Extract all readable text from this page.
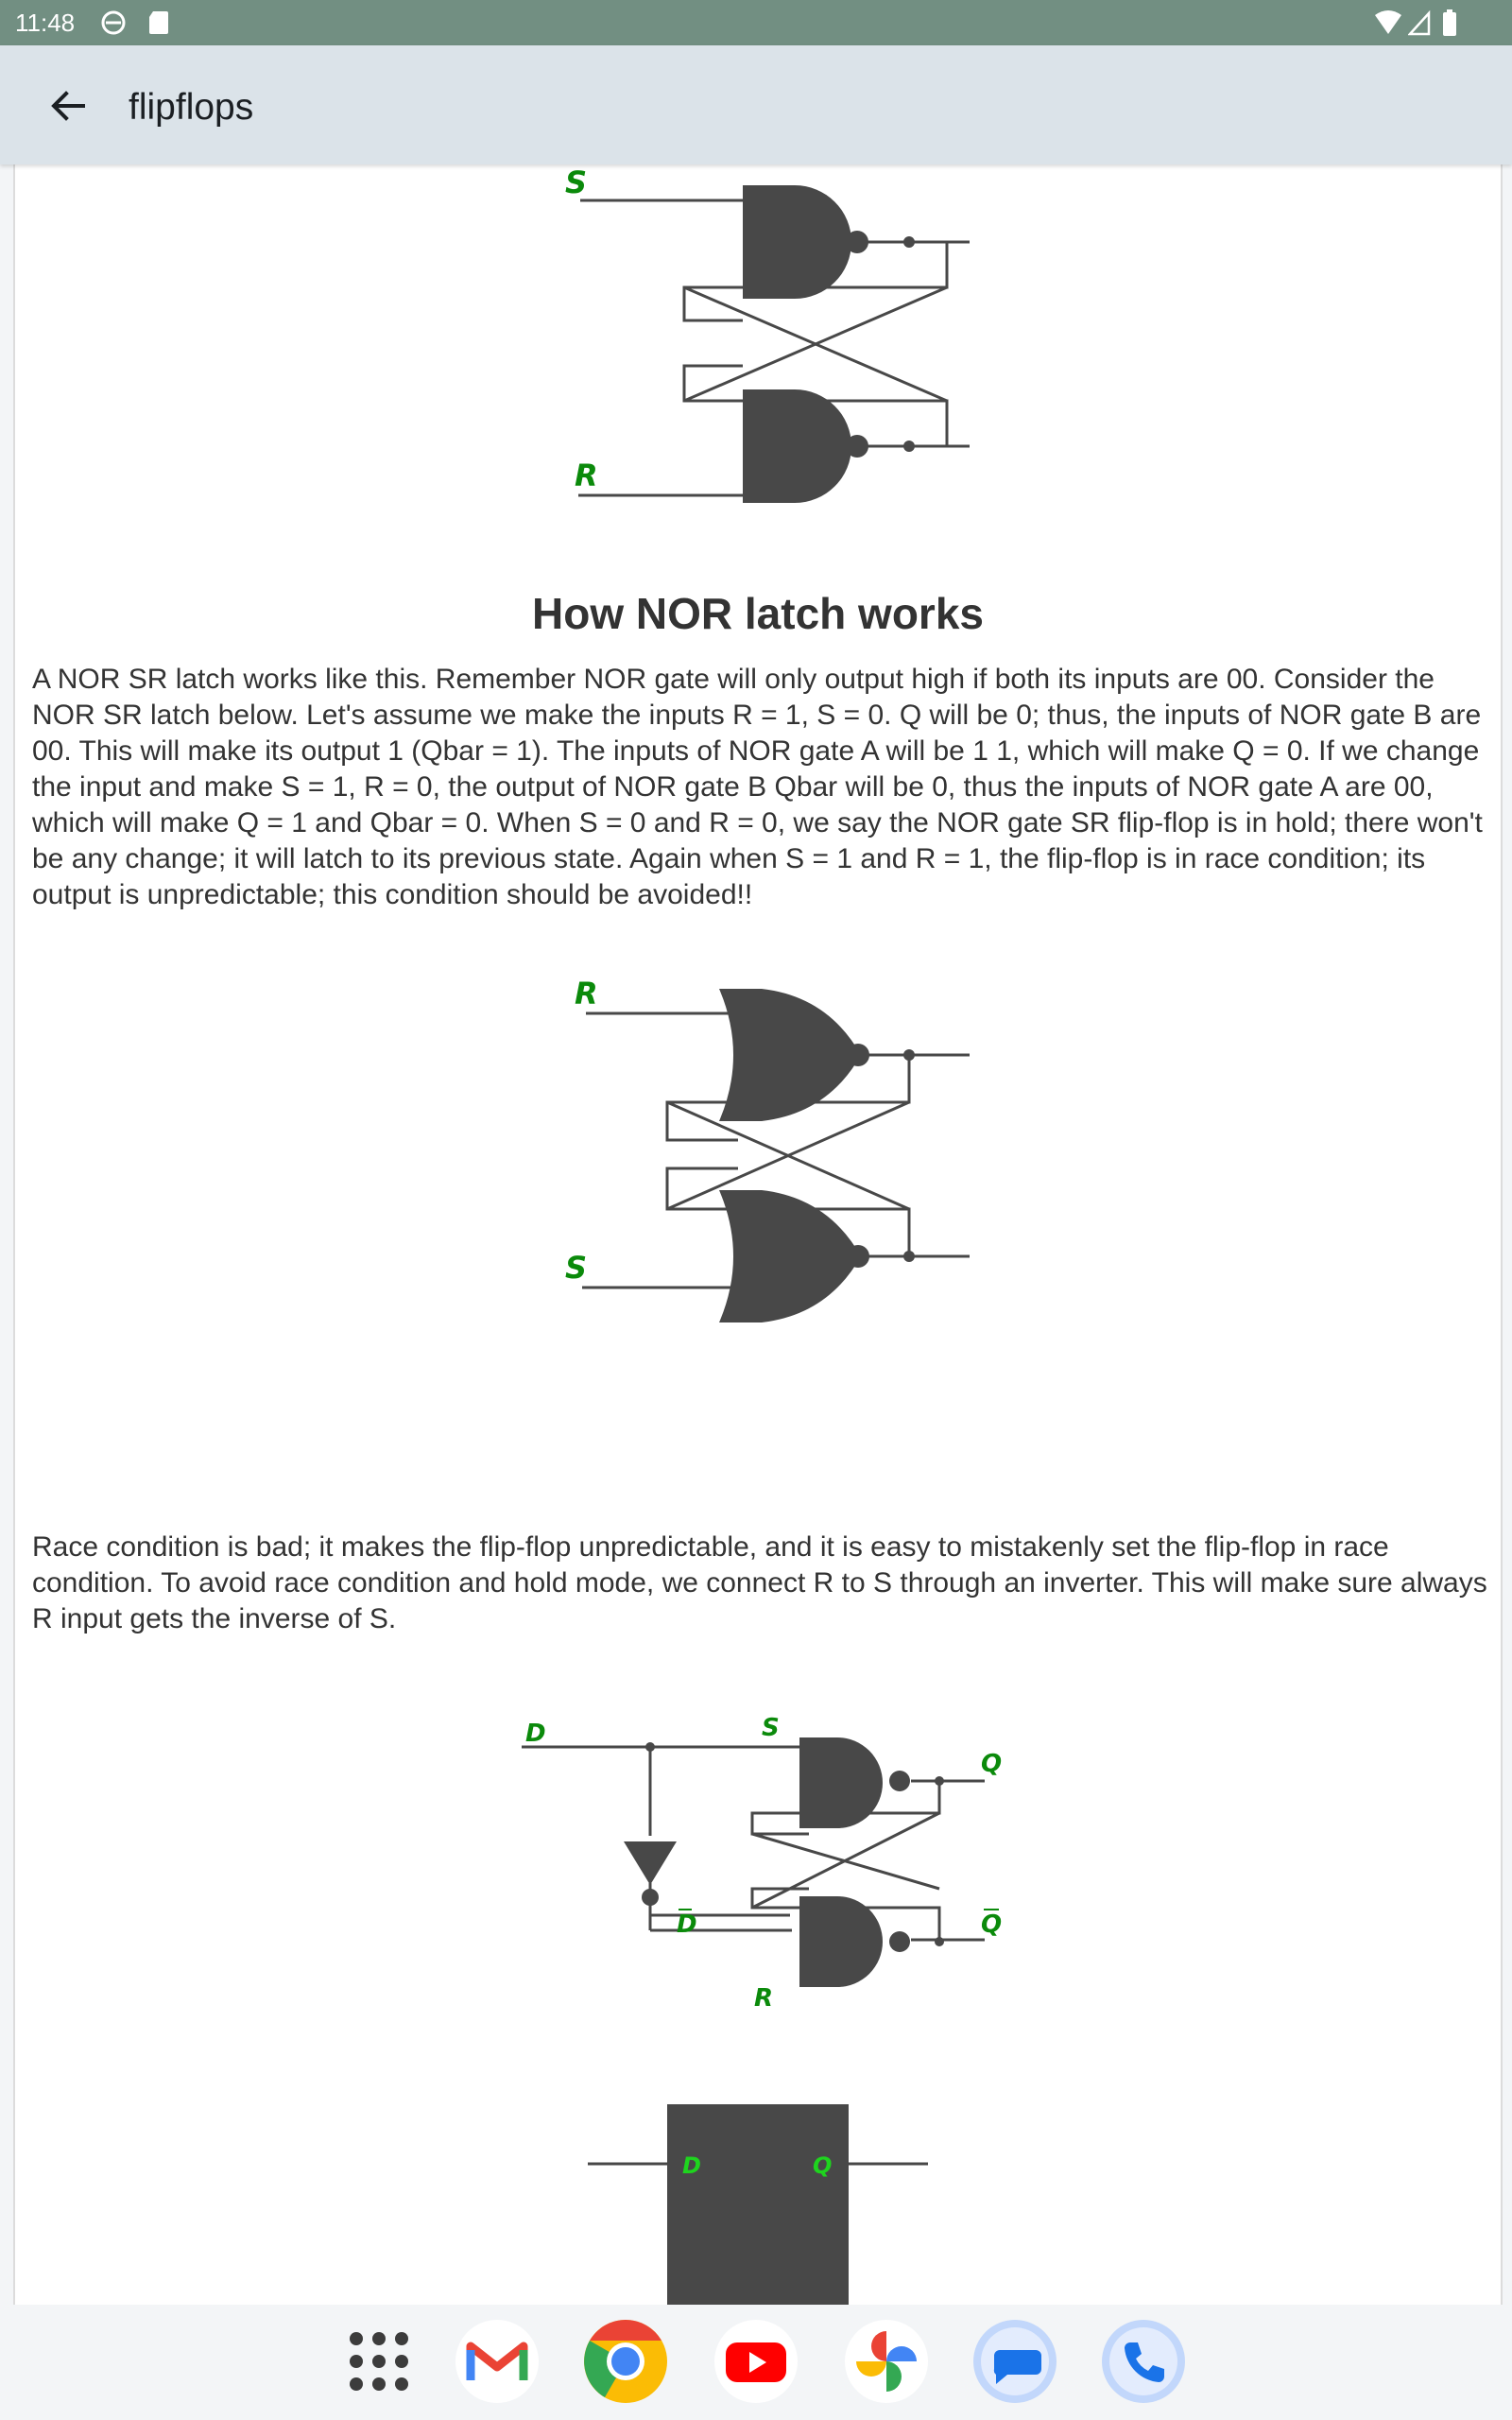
11:48
flipflops
S
R
How NOR latch works

A NOR SR latch works like this. Remember NOR gate will only output high if both its inputs are 00. Consider the NOR SR latch below. Let's assume we make the inputs R = 1, S = 0. Q will be 0; thus, the inputs of NOR gate B are 00. This will make its output 1 (Qbar = 1). The inputs of NOR gate A will be 1 1, which will make Q = 0. If we change the input and make S = 1, R = 0, the output of NOR gate B Qbar will be 0, thus the inputs of NOR gate A are 00, which will make Q = 1 and Qbar = 0. When S = 0 and R = 0, we say the NOR gate SR flip-flop is in hold; there won't be any change; it will latch to its previous state. Again when S = 1 and R = 1, the flip-flop is in race condition; its output is unpredictable; this condition should be avoided!!

R
S

Race condition is bad; it makes the flip-flop unpredictable, and it is easy to mistakenly set the flip-flop in race condition. To avoid race condition and hold mode, we connect R to S through an inverter. This will make sure always R input gets the inverse of S.

D	S
R
D
Q
Q
D	Q
